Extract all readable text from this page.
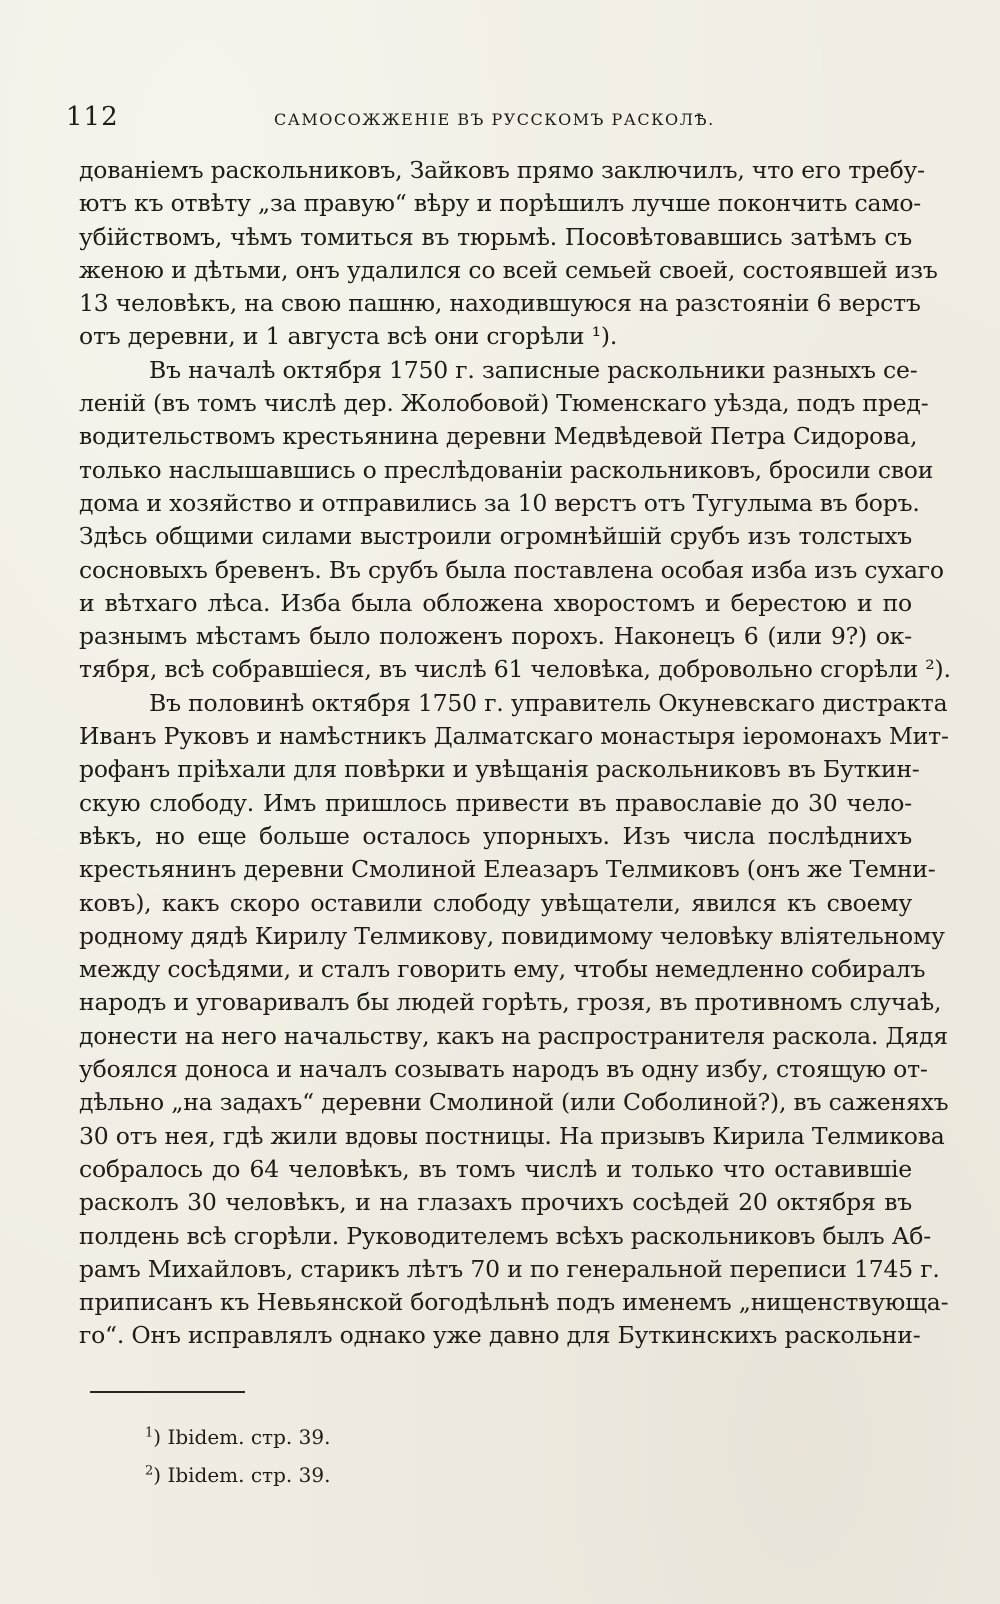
112	САМОСОЖЖЕНІЕ ВЪ РУССКОМЪ РАСКОЛѢ.
дованіемъ раскольниковъ, Зайковъ прямо заключилъ, что его требу-
ютъ къ отвѣту „за правую“ вѣру и порѣшилъ лучше покончить само-
убійствомъ, чѣмъ томиться въ тюрьмѣ. Посовѣтовавшись затѣмъ съ
женою и дѣтьми, онъ удалился со всей семьей своей, состоявшей изъ
13 человѣкъ, на свою пашню, находившуюся на разстояніи 6 верстъ
отъ деревни, и 1 августа всѣ они сгорѣли ¹).
Въ началѣ октября 1750 г. записные раскольники разныхъ се-
леній (въ томъ числѣ дер. Жолобовой) Тюменскаго уѣзда, подъ пред-
водительствомъ крестьянина деревни Медвѣдевой Петра Сидорова,
только наслышавшись о преслѣдованіи раскольниковъ, бросили свои
дома и хозяйство и отправились за 10 верстъ отъ Тугулыма въ боръ.
Здѣсь общими силами выстроили огромнѣйшій срубъ изъ толстыхъ
сосновыхъ бревенъ. Въ срубъ была поставлена особая изба изъ сухаго
и вѣтхаго лѣса. Изба была обложена хворостомъ и берестою и по
разнымъ мѣстамъ было положенъ порохъ. Наконецъ 6 (или 9?) ок-
тября, всѣ собравшіеся, въ числѣ 61 человѣка, добровольно сгорѣли ²).
Въ половинѣ октября 1750 г. управитель Окуневскаго дистракта
Иванъ Руковъ и намѣстникъ Далматскаго монастыря іеромонахъ Мит-
рофанъ пріѣхали для повѣрки и увѣщанія раскольниковъ въ Буткин-
скую слободу. Имъ пришлось привести въ православіе до 30 чело-
вѣкъ, но еще больше осталось упорныхъ. Изъ числа послѣднихъ
крестьянинъ деревни Смолиной Елеазаръ Телмиковъ (онъ же Темни-
ковъ), какъ скоро оставили слободу увѣщатели, явился къ своему
родному дядѣ Кирилу Телмикову, повидимому человѣку вліятельному
между сосѣдями, и сталъ говорить ему, чтобы немедленно собиралъ
народъ и уговаривалъ бы людей горѣть, грозя, въ противномъ случаѣ,
донести на него начальству, какъ на распространителя раскола. Дядя
убоялся доноса и началъ созывать народъ въ одну избу, стоящую от-
дѣльно „на задахъ“ деревни Смолиной (или Соболиной?), въ саженяхъ
30 отъ нея, гдѣ жили вдовы постницы. На призывъ Кирила Телмикова
собралось до 64 человѣкъ, въ томъ числѣ и только что оставившіе
расколъ 30 человѣкъ, и на глазахъ прочихъ сосѣдей 20 октября въ
полдень всѣ сгорѣли. Руководителемъ всѣхъ раскольниковъ былъ Аб-
рамъ Михайловъ, старикъ лѣтъ 70 и по генеральной переписи 1745 г.
приписанъ къ Невьянской богодѣльнѣ подъ именемъ „нищенствующа-
го“. Онъ исправлялъ однако уже давно для Буткинскихъ раскольни-
$^1$) Ibidem. стр. 39.
$^2$) Ibidem. стр. 39.
